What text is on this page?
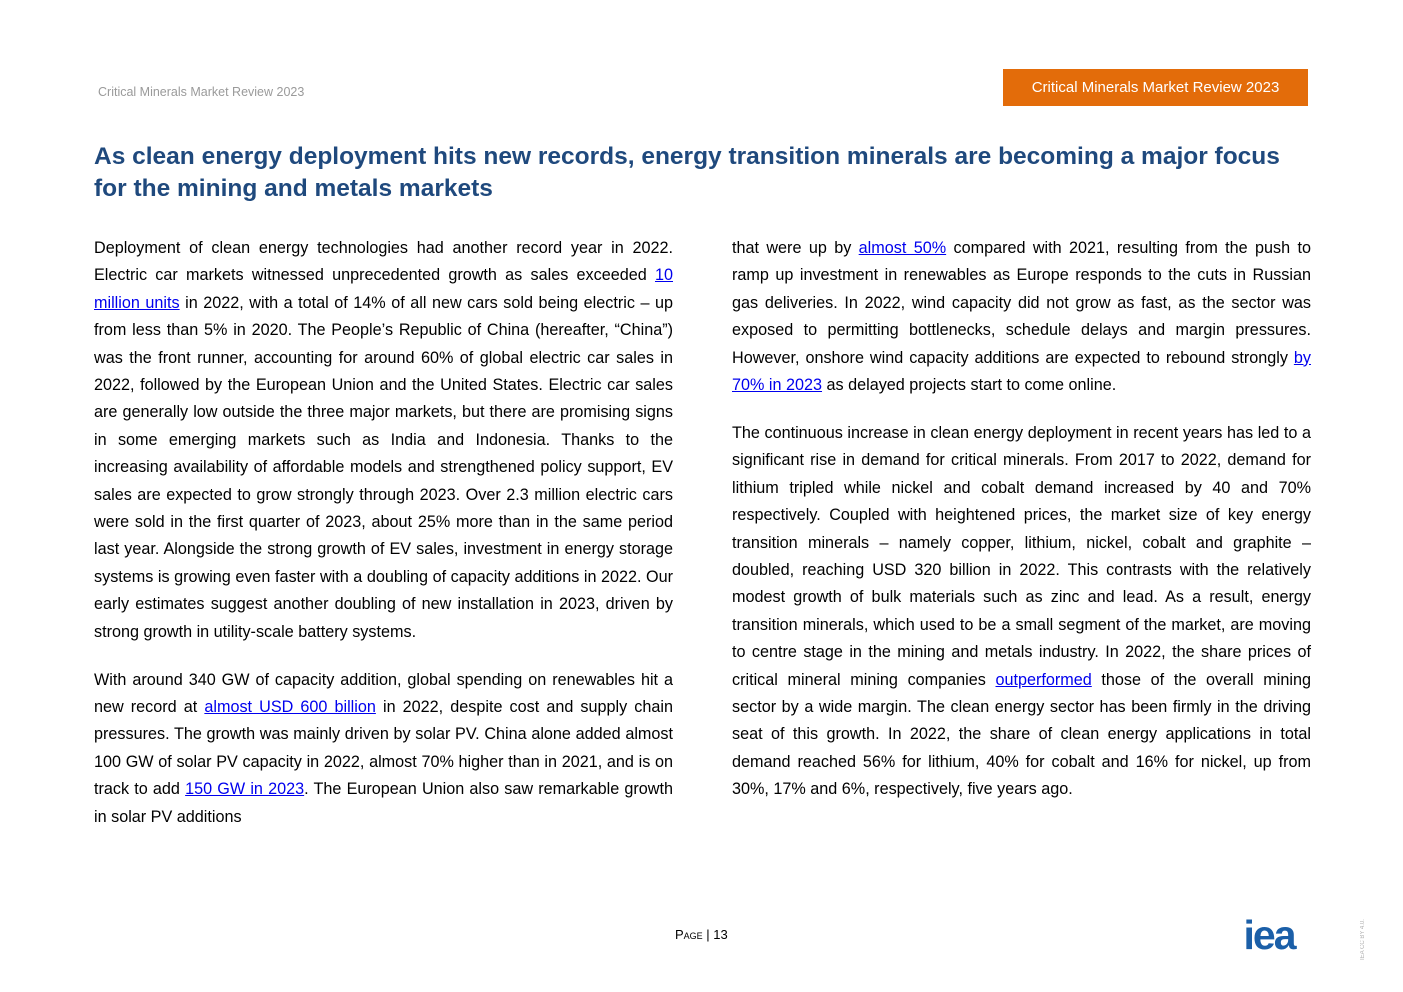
Critical Minerals Market Review 2023	Critical Minerals Market Review 2023
As clean energy deployment hits new records, energy transition minerals are becoming a major focus for the mining and metals markets

Deployment of clean energy technologies had another record year in 2022. Electric car markets witnessed unprecedented growth as sales exceeded 10 million units in 2022, with a total of 14% of all new cars sold being electric – up from less than 5% in 2020. The People’s Republic of China (hereafter, “China”) was the front runner, accounting for around 60% of global electric car sales in 2022, followed by the European Union and the United States. Electric car sales are generally low outside the three major markets, but there are promising signs in some emerging markets such as India and Indonesia. Thanks to the increasing availability of affordable models and strengthened policy support, EV sales are expected to grow strongly through 2023. Over 2.3 million electric cars were sold in the first quarter of 2023, about 25% more than in the same period last year. Alongside the strong growth of EV sales, investment in energy storage systems is growing even faster with a doubling of capacity additions in 2022. Our early estimates suggest another doubling of new installation in 2023, driven by strong growth in utility-scale battery systems.

With around 340 GW of capacity addition, global spending on renewables hit a new record at almost USD 600 billion in 2022, despite cost and supply chain pressures. The growth was mainly driven by solar PV. China alone added almost 100 GW of solar PV capacity in 2022, almost 70% higher than in 2021, and is on track to add 150 GW in 2023. The European Union also saw remarkable growth in solar PV additions

that were up by almost 50% compared with 2021, resulting from the push to ramp up investment in renewables as Europe responds to the cuts in Russian gas deliveries. In 2022, wind capacity did not grow as fast, as the sector was exposed to permitting bottlenecks, schedule delays and margin pressures. However, onshore wind capacity additions are expected to rebound strongly by 70% in 2023 as delayed projects start to come online.

The continuous increase in clean energy deployment in recent years has led to a significant rise in demand for critical minerals. From 2017 to 2022, demand for lithium tripled while nickel and cobalt demand increased by 40 and 70% respectively. Coupled with heightened prices, the market size of key energy transition minerals – namely copper, lithium, nickel, cobalt and graphite – doubled, reaching USD 320 billion in 2022. This contrasts with the relatively modest growth of bulk materials such as zinc and lead. As a result, energy transition minerals, which used to be a small segment of the market, are moving to centre stage in the mining and metals industry. In 2022, the share prices of critical mineral mining companies outperformed those of the overall mining sector by a wide margin. The clean energy sector has been firmly in the driving seat of this growth. In 2022, the share of clean energy applications in total demand reached 56% for lithium, 40% for cobalt and 16% for nickel, up from 30%, 17% and 6%, respectively, five years ago.

Page | 13	iea	IEA CC BY 4.0.
